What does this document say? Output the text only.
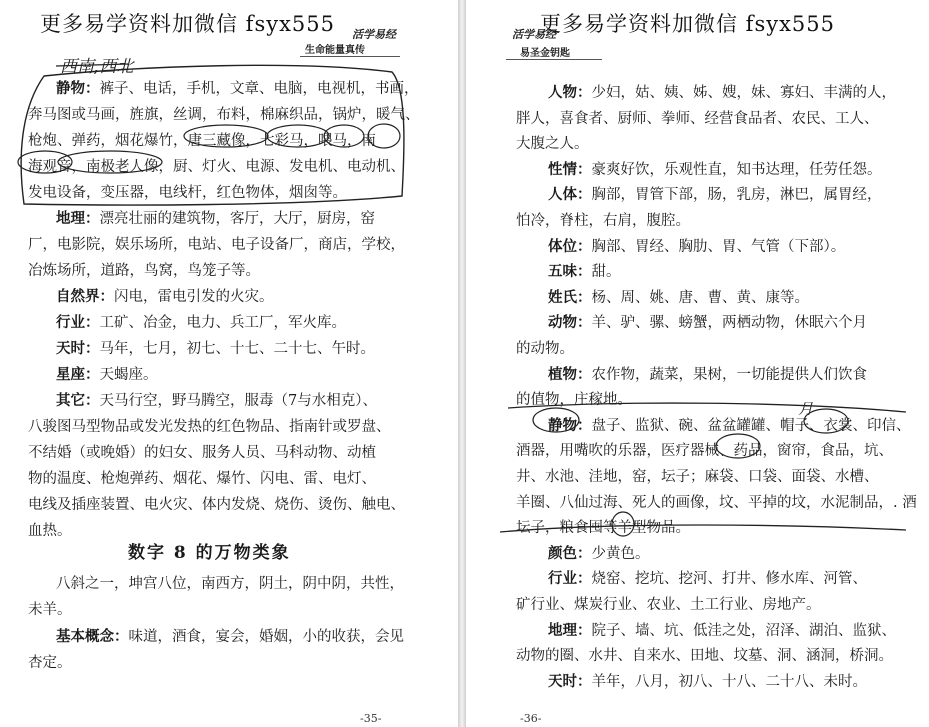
更多易学资料加微信 fsyx555 活学易经
生命能量真传
西南,西北
静物：裤子、电话，手机，文章、电脑，电视机，书画，
奔马图或马画，旌旗，丝调，布料，棉麻织品，锅炉，暖气、
枪炮、弹药，烟花爆竹，唐三藏像，七彩马，喂马，南
海观音，南极老人像，厨、灯火、电源、发电机、电动机、
发电设备，变压器，电线杆，红色物体，烟囱等。
地理：漂亮壮丽的建筑物，客厅，大厅，厨房，窑
厂，电影院，娱乐场所，电站、电子设备厂，商店，学校，
冶炼场所，道路，鸟窝，鸟笼子等。
自然界：闪电，雷电引发的火灾。
行业：工矿、冶金，电力、兵工厂，军火库。
天时：马年，七月，初七、十七、二十七、午时。
星座：天蝎座。
其它：天马行空，野马腾空，服毒（7与水相克）、
八骏图马型物品或发光发热的红色物品、指南针或罗盘、
不结婚（或晚婚）的妇女、服务人员、马科动物、动植
物的温度、枪炮弹药、烟花、爆竹、闪电、雷、电灯、
电线及插座装置、电火灾、体内发烧、烧伤、烫伤、触电、
血热。
数字 8 的万物类象
八斜之一，坤宫八位，南西方，阴土，阴中阴，共性，
未羊。
基本概念：味道，酒食，宴会，婚姻，小的收获，会见
杏定。
-35-
更多易学资料加微信 fsyx555
活学易经
易圣金钥匙
人物：少妇，姑、姨、姊、嫂，妹、寡妇、丰满的人，
胖人，喜食者、厨师、拳师、经营食品者、农民、工人、
大腹之人。
性情：豪爽好饮，乐观性直，知书达理，任劳任怨。
人体：胸部，胃管下部，肠，乳房，淋巴，属胃经，
怕冷，脊柱，右肩，腹腔。
体位：胸部、胃经、胸肋、胃、气管（下部）。
五味：甜。
姓氏：杨、周、姚、唐、曹、黄、康等。
动物：羊、驴、骡、螃蟹，两栖动物，休眠六个月
的动物。
植物：农作物，蔬菜，果树，一切能提供人们饮食
的值物，庄稼地。
静物：盘子、监狱、碗、盆盆罐罐、帽子、衣裳、印信、
酒器，用嘴吹的乐器，医疗器械、药品，窗帘，食品，坑、
井、水池、洼地，窑，坛子；麻袋、口袋、面袋、水槽、
羊圈、八仙过海、死人的画像，坟、平掉的坟，水泥制品，. 酒
坛子，粮食囤等羊型物品。
颜色：少黄色。
行业：烧窑、挖坑、挖河、打井、修水库、河管、
矿行业、煤炭行业、农业、土工行业、房地产。
地理：院子、墙、坑、低洼之处，沼泽、湖泊、监狱、
动物的圈、水井、自来水、田地、坟墓、洞、涵洞，桥洞。
天时：羊年，八月，初八、十八、二十八、未时。
月
-36-
